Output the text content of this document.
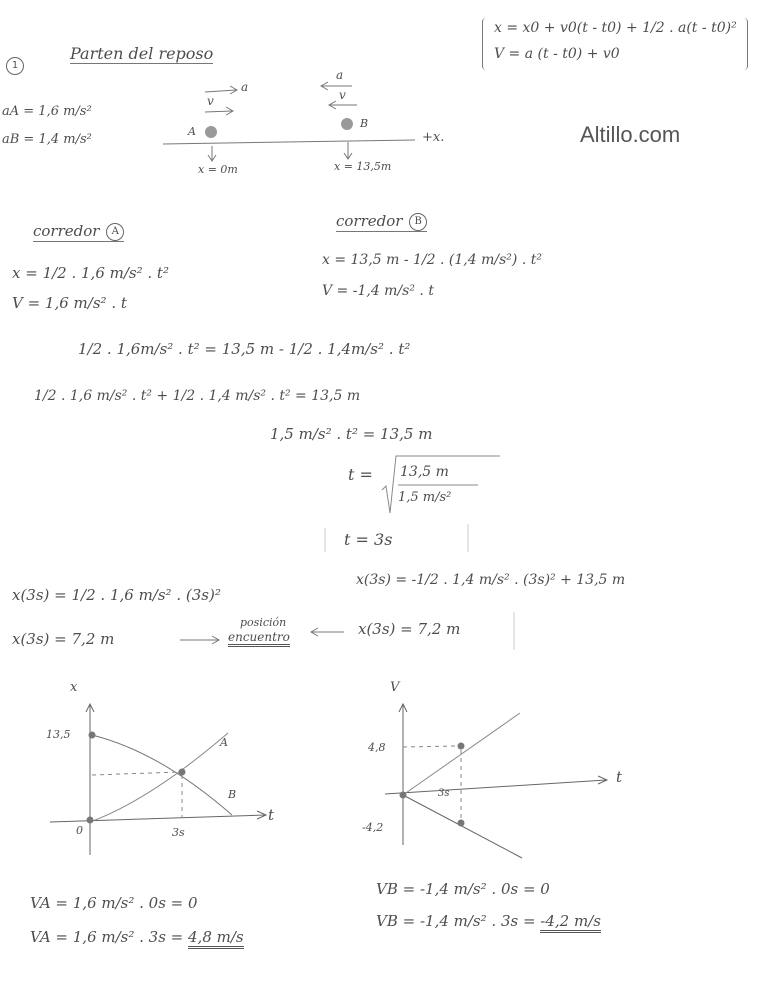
1
Parten del reposo
x = x0 + v0(t - t0) + 1/2 . a(t - t0)²
V = a (t - t0) + v0
Altillo.com
aA = 1,6 m/s²
aB = 1,4 m/s²
a
v
a
v
A
B
+x.
x = 0m	x = 13,5m
corredor A
x = 1/2 . 1,6 m/s² . t²
V = 1,6 m/s² . t
corredor B
x = 13,5 m - 1/2 . (1,4 m/s²) . t²
V = -1,4 m/s² . t
1/2 . 1,6m/s² . t² = 13,5 m - 1/2 . 1,4m/s² . t²
1/2 . 1,6 m/s² . t² + 1/2 . 1,4 m/s² . t² = 13,5 m
1,5 m/s² . t² = 13,5 m
t = 13,5 m
1,5 m/s²
t = 3s
x(3s) = 1/2 . 1,6 m/s² . (3s)²
x(3s) = -1/2 . 1,4 m/s² . (3s)² + 13,5 m
x(3s) = 7,2 m
posición
encuentro	x(3s) = 7,2 m
x
t
13,5
0	3s
A
B
V
t
4,8
-4,2
3s
VA = 1,6 m/s² . 0s = 0
VA = 1,6 m/s² . 3s = 4,8 m/s
VB = -1,4 m/s² . 0s = 0
VB = -1,4 m/s² . 3s = -4,2 m/s
